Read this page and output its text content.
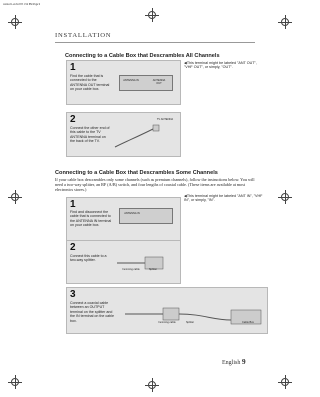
ventu-01-en 6/2/03 1:54 PM Page 9
INSTALLATION
Connecting to a Cable Box that Descrambles All Channels
1
Find the cable that is connected to the ANTENNA OUT terminal on your cable box.
ANTENNA IN	ANTENNA OUT
◀This terminal might be labeled "ANT OUT", "VHF OUT", or simply, "OUT".
2
Connect the other end of this cable to the TV ANTENNA terminal on the back of the TV.
TV ANTENNA
Connecting to a Cable Box that Descrambles Some Channels
If your cable box descrambles only some channels (such as premium channels), follow the instructions below. You will need a two-way splitter, an RF (A/B) switch, and four lengths of coaxial cable. (These items are available at most electronics stores.)
1
Find and disconnect the cable that is connected to the ANTENNA IN terminal on your cable box.
ANTENNA IN
◀This terminal might be labeled "ANT IN", "VHF IN", or simply, "IN".
2
Connect this cable to a two-way splitter.
Incoming cable	Splitter
3
Connect a coaxial cable between an OUTPUT terminal on the splitter and the IN terminal on the cable box.	Incoming cable	Splitter	Cable Box
English 9
